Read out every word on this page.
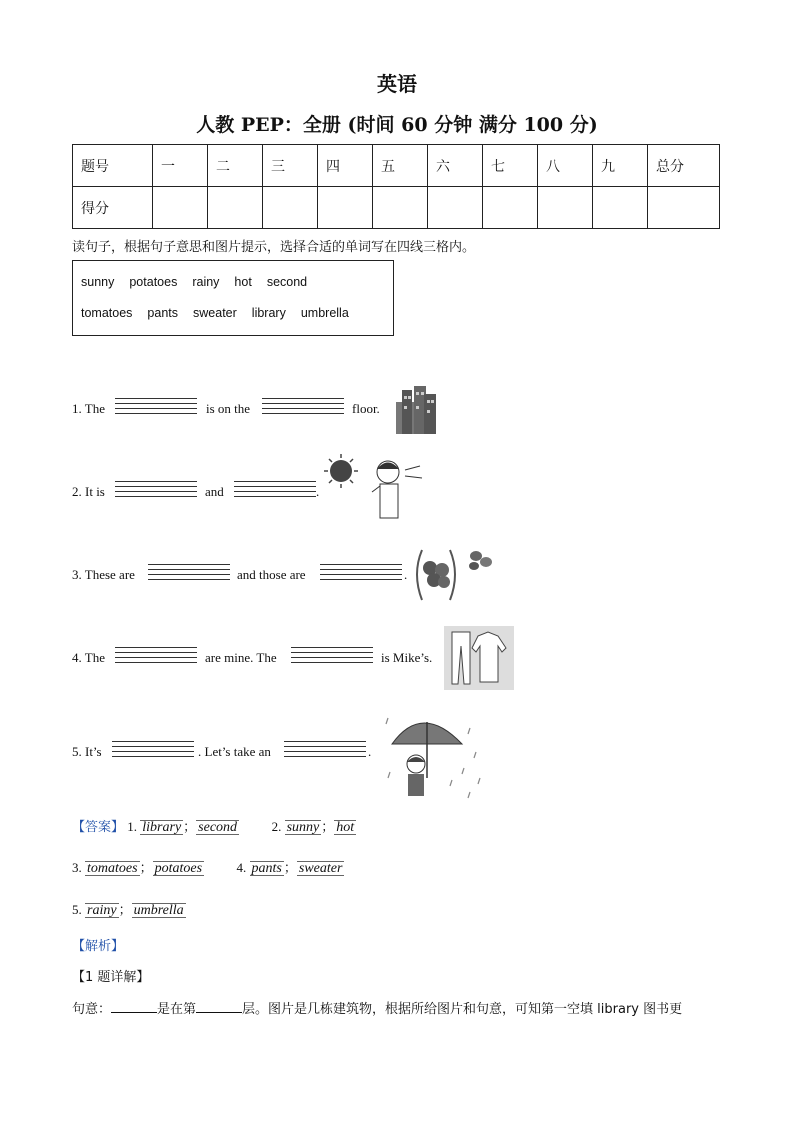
英语
人教 PEP：全册 (时间 60 分钟 满分 100 分)
题号	一	二	三	四	五	六	七	八	九	总分
得分										
读句子，根据句子意思和图片提示，选择合适的单词写在四线三格内。
sunny potatoes rainy hot second
tomatoes pants sweater library umbrella
1. The	is on the	floor.
2. It is	and	.
3. These are	and those are	.
4. The	are mine. The	is Mike’s.
5. It’s	. Let’s take an	.
【答案】 1. library ； second	2. sunny ； hot
3. tomatoes ； potatoes	4. pants ； sweater
5. rainy ； umbrella
【解析】
【1 题详解】
句意：	是在第	层。图片是几栋建筑物，根据所给图片和句意，可知第一空填 library 图书更
